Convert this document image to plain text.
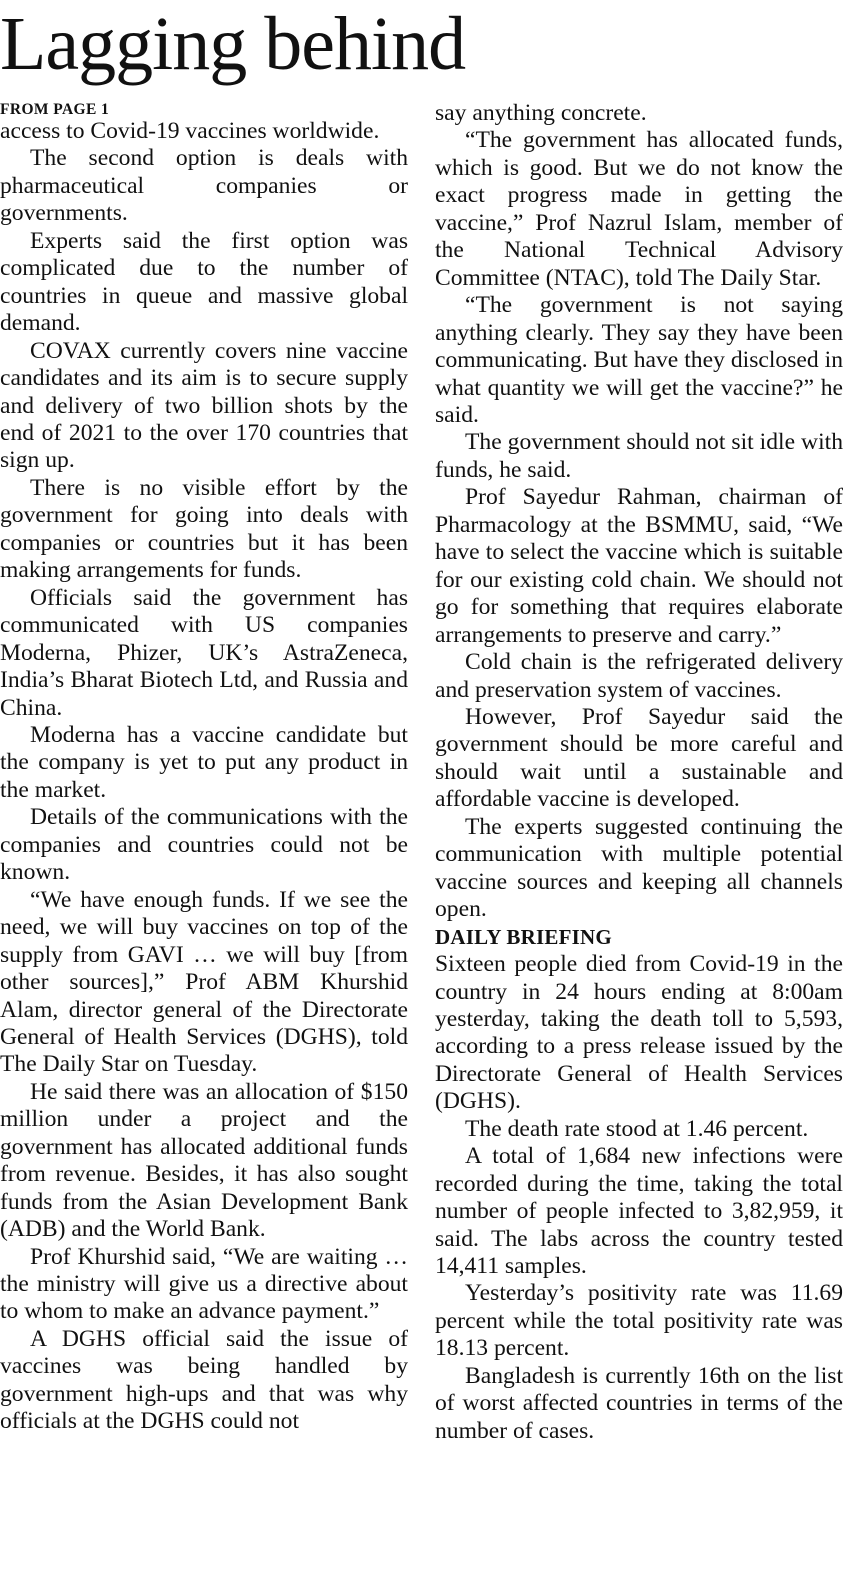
Lagging behind
FROM PAGE 1

access to Covid-19 vaccines worldwide.

The second option is deals with pharmaceutical companies or governments.

Experts said the first option was complicated due to the number of countries in queue and massive global demand.

COVAX currently covers nine vaccine candidates and its aim is to secure supply and delivery of two billion shots by the end of 2021 to the over 170 countries that sign up.

There is no visible effort by the government for going into deals with companies or countries but it has been making arrangements for funds.

Officials said the government has communicated with US companies Moderna, Phizer, UK’s AstraZeneca, India’s Bharat Biotech Ltd, and Russia and China.

Moderna has a vaccine candidate but the company is yet to put any product in the market.

Details of the communications with the companies and countries could not be known.

“We have enough funds. If we see the need, we will buy vaccines on top of the supply from GAVI … we will buy [from other sources],” Prof ABM Khurshid Alam, director general of the Directorate General of Health Services (DGHS), told The Daily Star on Tuesday.

He said there was an allocation of $150 million under a project and the government has allocated additional funds from revenue. Besides, it has also sought funds from the Asian Development Bank (ADB) and the World Bank.

Prof Khurshid said, “We are waiting … the ministry will give us a directive about to whom to make an advance payment.”

A DGHS official said the issue of vaccines was being handled by government high-ups and that was why officials at the DGHS could not

say anything concrete.

“The government has allocated funds, which is good. But we do not know the exact progress made in getting the vaccine,” Prof Nazrul Islam, member of the National Technical Advisory Committee (NTAC), told The Daily Star.

“The government is not saying anything clearly. They say they have been communicating. But have they disclosed in what quantity we will get the vaccine?” he said.

The government should not sit idle with funds, he said.

Prof Sayedur Rahman, chairman of Pharmacology at the BSMMU, said, “We have to select the vaccine which is suitable for our existing cold chain. We should not go for something that requires elaborate arrangements to preserve and carry.”

Cold chain is the refrigerated delivery and preservation system of vaccines.

However, Prof Sayedur said the government should be more careful and should wait until a sustainable and affordable vaccine is developed.

The experts suggested continuing the communication with multiple potential vaccine sources and keeping all channels open.

DAILY BRIEFING

Sixteen people died from Covid-19 in the country in 24 hours ending at 8:00am yesterday, taking the death toll to 5,593, according to a press release issued by the Directorate General of Health Services (DGHS).

The death rate stood at 1.46 percent.

A total of 1,684 new infections were recorded during the time, taking the total number of people infected to 3,82,959, it said. The labs across the country tested 14,411 samples.

Yesterday’s positivity rate was 11.69 percent while the total positivity rate was 18.13 percent.

Bangladesh is currently 16th on the list of worst affected countries in terms of the number of cases.
